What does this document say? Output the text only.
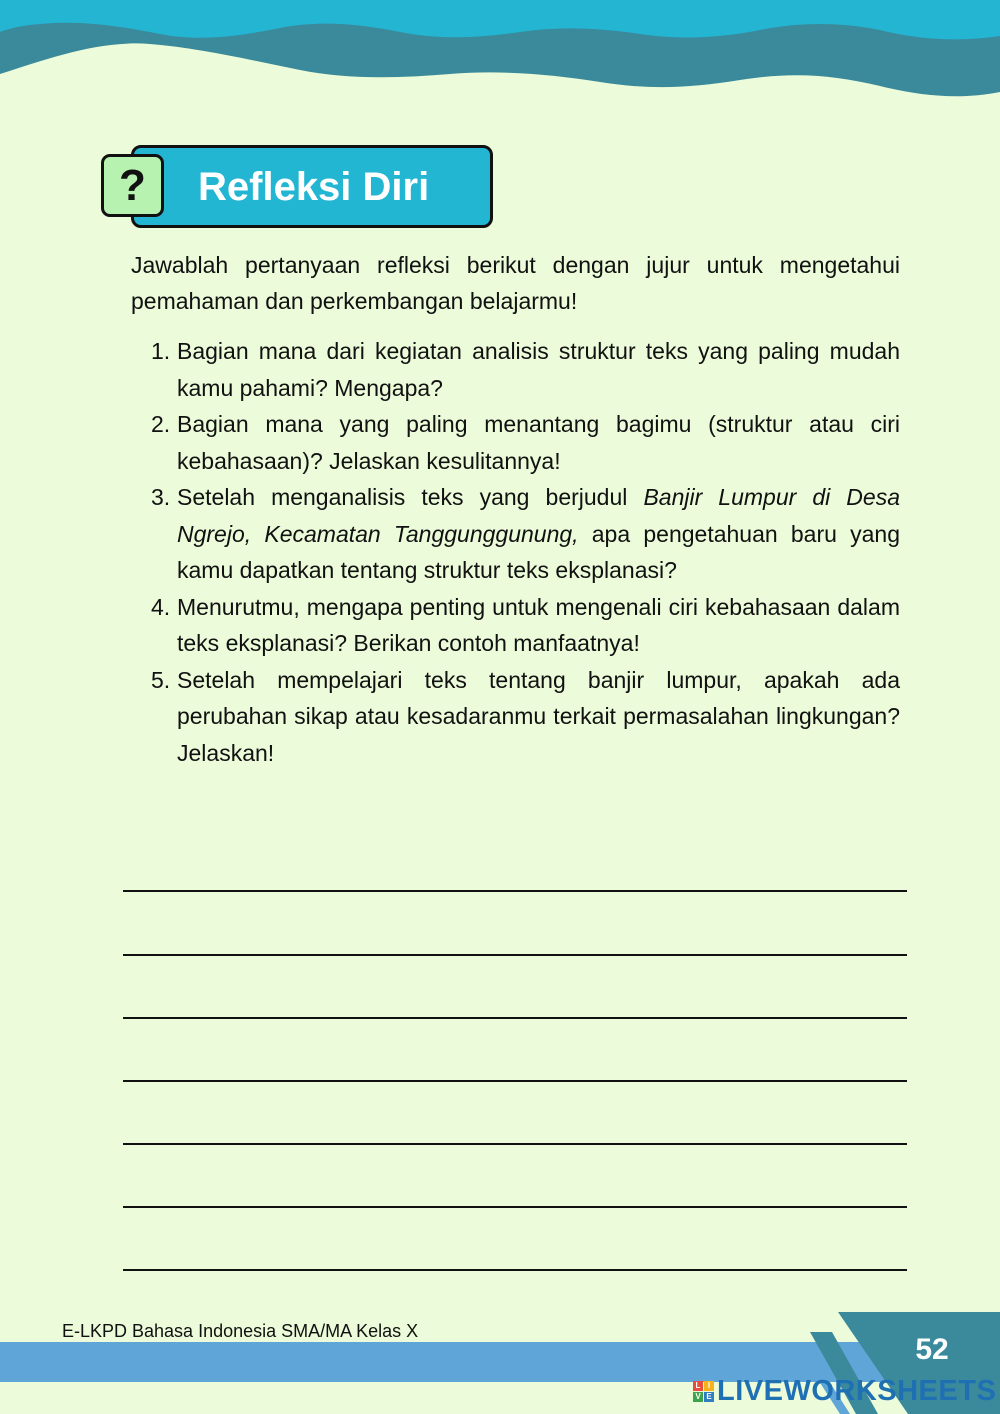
Refleksi Diri
?

Jawablah pertanyaan refleksi berikut dengan jujur untuk mengetahui pemahaman dan perkembangan belajarmu!

1. Bagian mana dari kegiatan analisis struktur teks yang paling mudah kamu pahami? Mengapa?
2. Bagian mana yang paling menantang bagimu (struktur atau ciri kebahasaan)? Jelaskan kesulitannya!
3. Setelah menganalisis teks yang berjudul Banjir Lumpur di Desa Ngrejo, Kecamatan Tanggunggunung, apa pengetahuan baru yang kamu dapatkan tentang struktur teks eksplanasi?
4. Menurutmu, mengapa penting untuk mengenali ciri kebahasaan dalam teks eksplanasi? Berikan contoh manfaatnya!
5. Setelah mempelajari teks tentang banjir lumpur, apakah ada perubahan sikap atau kesadaranmu terkait permasalahan lingkungan? Jelaskan!
E-LKPD Bahasa Indonesia SMA/MA Kelas X
52
L I
V E LIVEWORKSHEETS
